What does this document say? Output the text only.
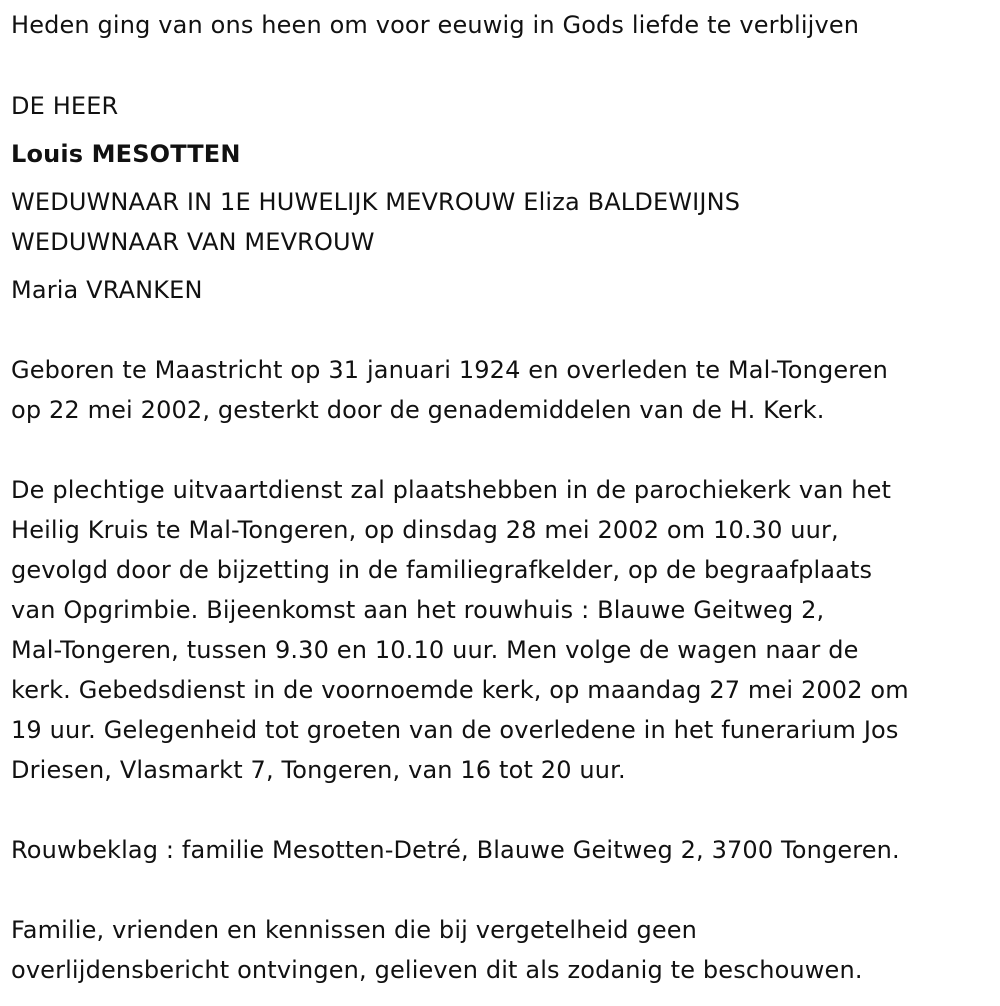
Heden ging van ons heen om voor eeuwig in Gods liefde te verblijven
DE HEER
Louis MESOTTEN
WEDUWNAAR IN 1E HUWELIJK MEVROUW Eliza BALDEWIJNS
WEDUWNAAR VAN MEVROUW
Maria VRANKEN
Geboren te Maastricht op 31 januari 1924 en overleden te Mal-Tongeren
op 22 mei 2002, gesterkt door de genademiddelen van de H. Kerk.
De plechtige uitvaartdienst zal plaatshebben in de parochiekerk van het
Heilig Kruis te Mal-Tongeren, op dinsdag 28 mei 2002 om 10.30 uur,
gevolgd door de bijzetting in de familiegrafkelder, op de begraafplaats
van Opgrimbie. Bijeenkomst aan het rouwhuis : Blauwe Geitweg 2,
Mal-Tongeren, tussen 9.30 en 10.10 uur. Men volge de wagen naar de
kerk. Gebedsdienst in de voornoemde kerk, op maandag 27 mei 2002 om
19 uur. Gelegenheid tot groeten van de overledene in het funerarium Jos
Driesen, Vlasmarkt 7, Tongeren, van 16 tot 20 uur.
Rouwbeklag : familie Mesotten-Detré, Blauwe Geitweg 2, 3700 Tongeren.
Familie, vrienden en kennissen die bij vergetelheid geen
overlijdensbericht ontvingen, gelieven dit als zodanig te beschouwen.
